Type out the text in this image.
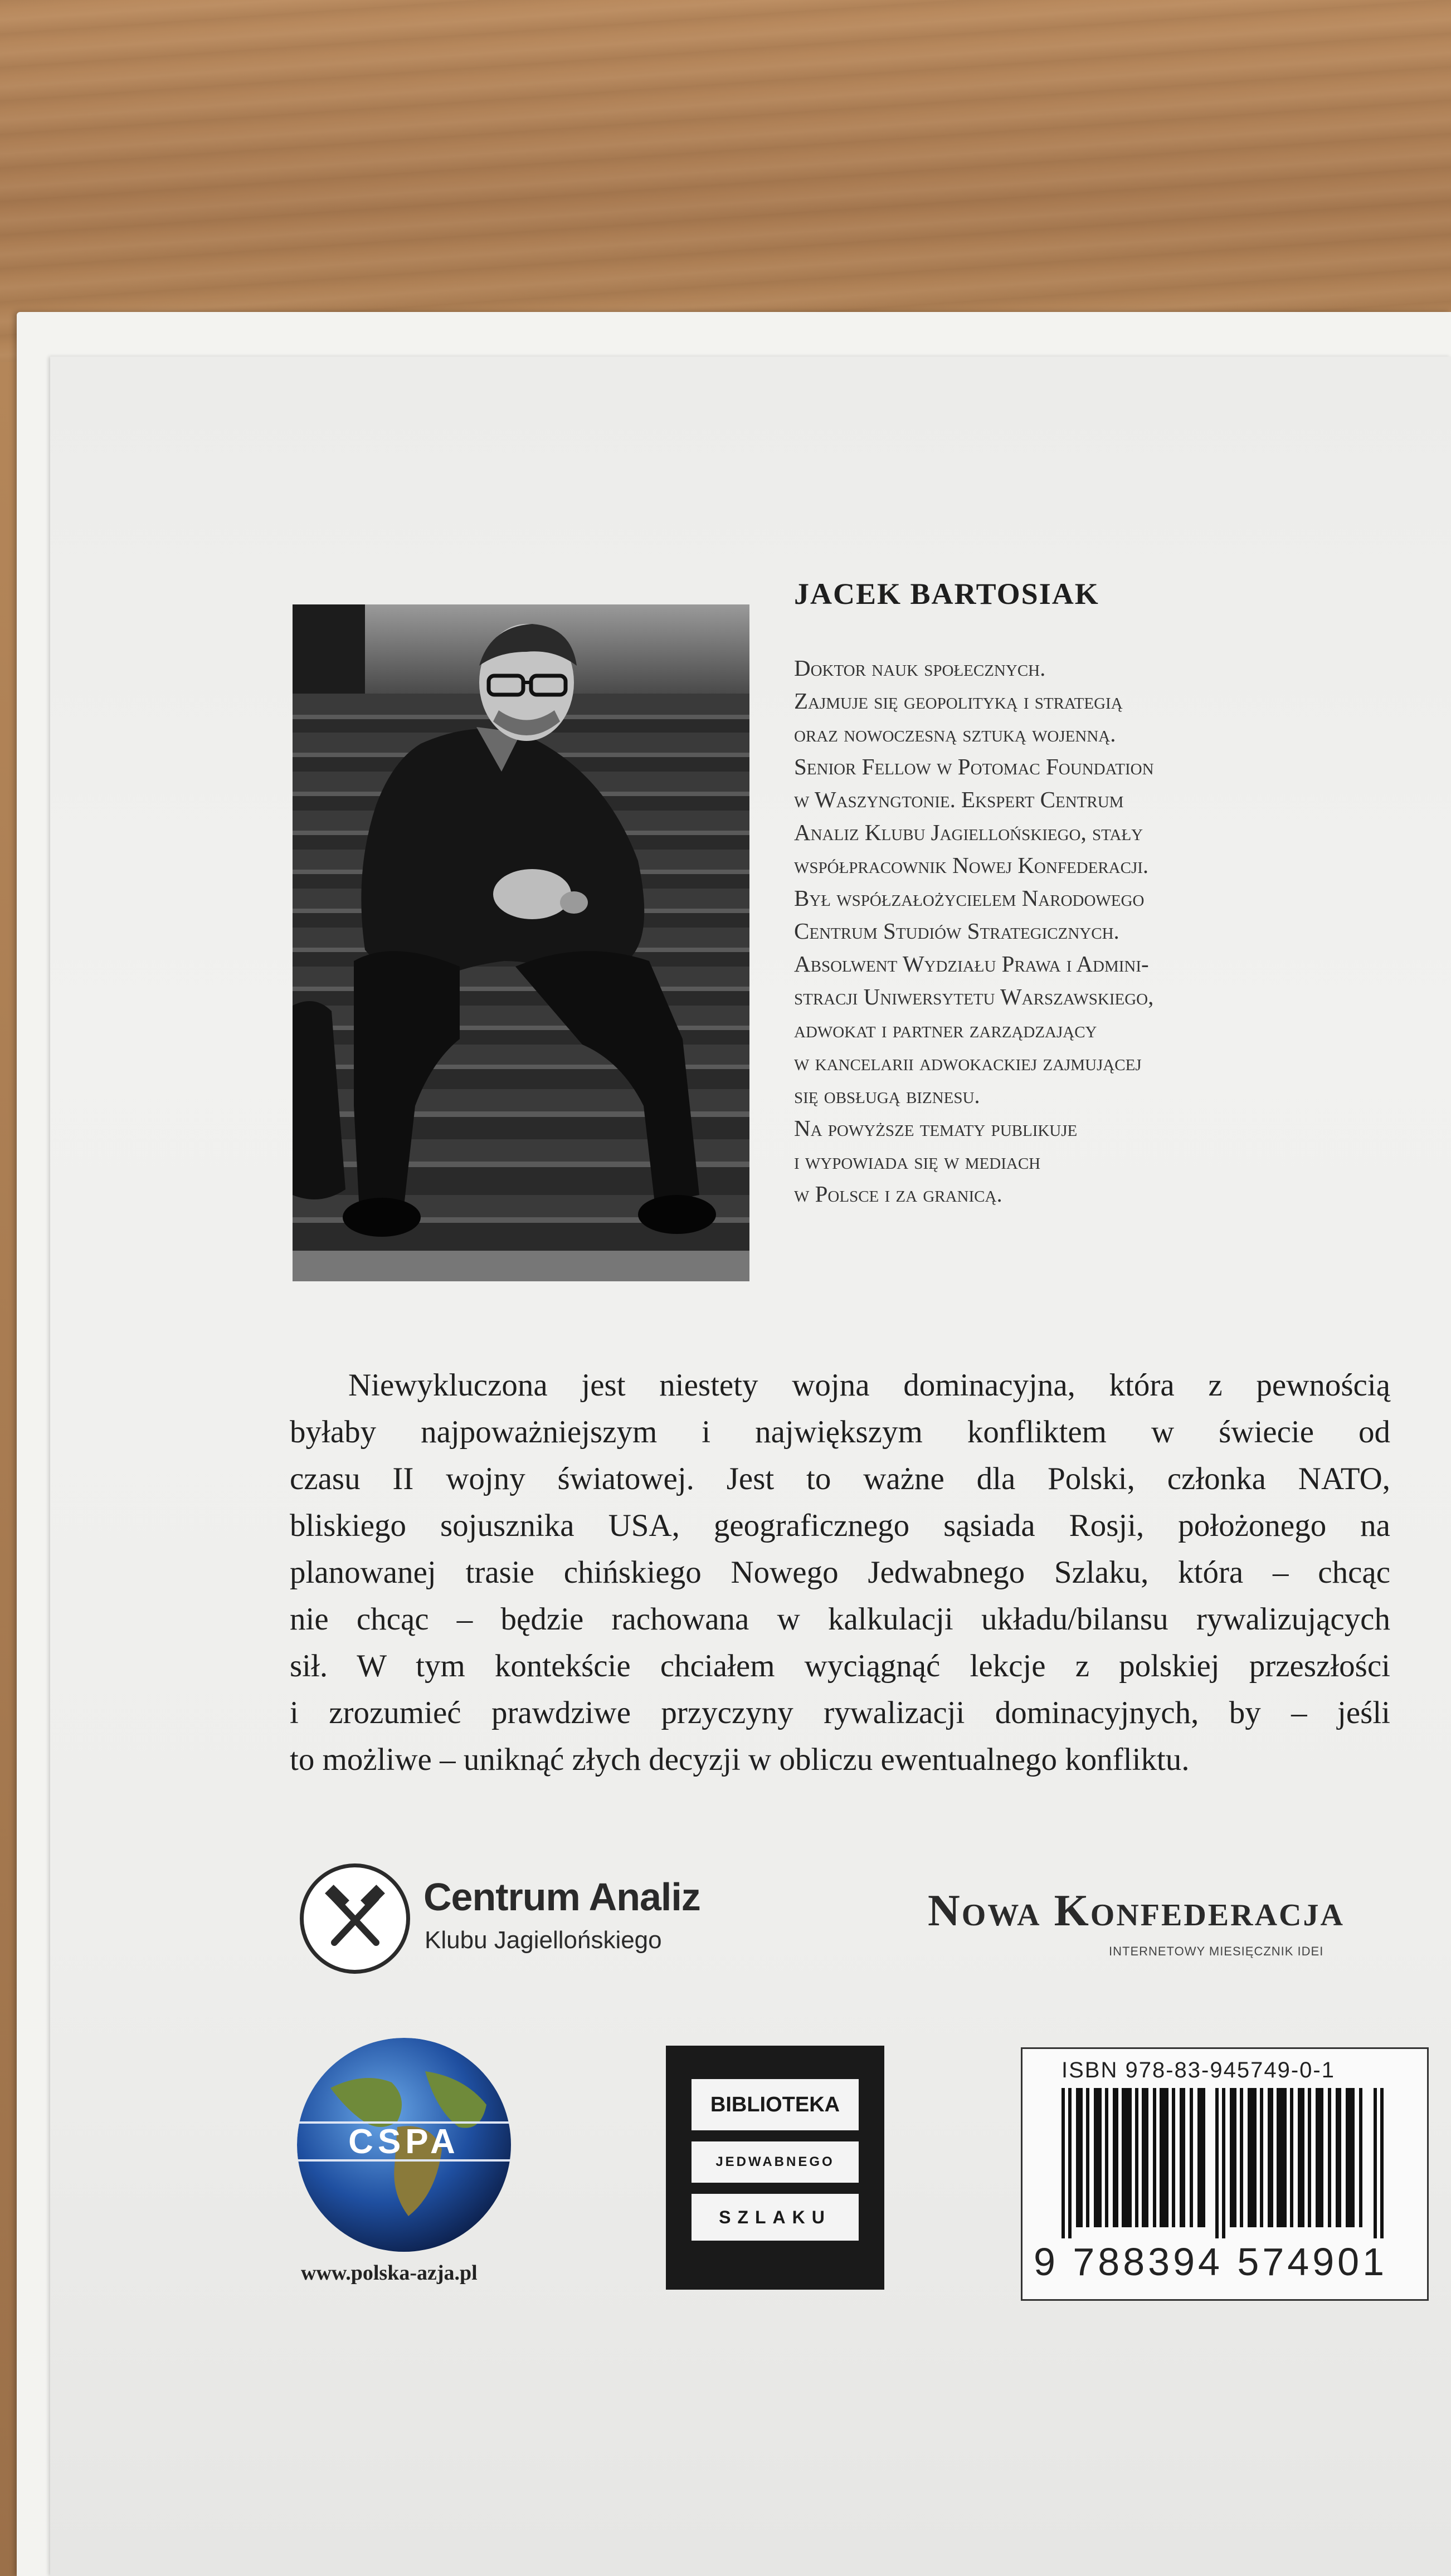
JACEK BARTOSIAK
Doktor nauk społecznych.
Zajmuje się geopolityką i strategią
oraz nowoczesną sztuką wojenną.
Senior Fellow w Potomac Foundation
w Waszyngtonie. Ekspert Centrum
Analiz Klubu Jagiellońskiego, stały
współpracownik Nowej Konfederacji.
Był współzałożycielem Narodowego
Centrum Studiów Strategicznych.
Absolwent Wydziału Prawa i Admini-
stracji Uniwersytetu Warszawskiego,
adwokat i partner zarządzający
w kancelarii adwokackiej zajmującej
się obsługą biznesu.
Na powyższe tematy publikuje
i wypowiada się w mediach
w Polsce i za granicą.
Niewykluczona jest niestety wojna dominacyjna, która z pewnością
byłaby najpoważniejszym i największym konfliktem w świecie od
czasu II wojny światowej. Jest to ważne dla Polski, członka NATO,
bliskiego sojusznika USA, geograficznego sąsiada Rosji, położonego na
planowanej trasie chińskiego Nowego Jedwabnego Szlaku, która – chcąc
nie chcąc – będzie rachowana w kalkulacji układu/bilansu rywalizujących
sił. W tym kontekście chciałem wyciągnąć lekcje z polskiej przeszłości
i zrozumieć prawdziwe przyczyny rywalizacji dominacyjnych, by – jeśli
to możliwe – uniknąć złych decyzji w obliczu ewentualnego konfliktu.
Centrum Analiz
Klubu Jagiellońskiego
Nowa Konfederacja
INTERNETOWY MIESIĘCZNIK IDEI
CSPA
www.polska-azja.pl
BIBLIOTEKA
JEDWABNEGO
SZLAKU
ISBN 978-83-945749-0-1
9 788394 574901
